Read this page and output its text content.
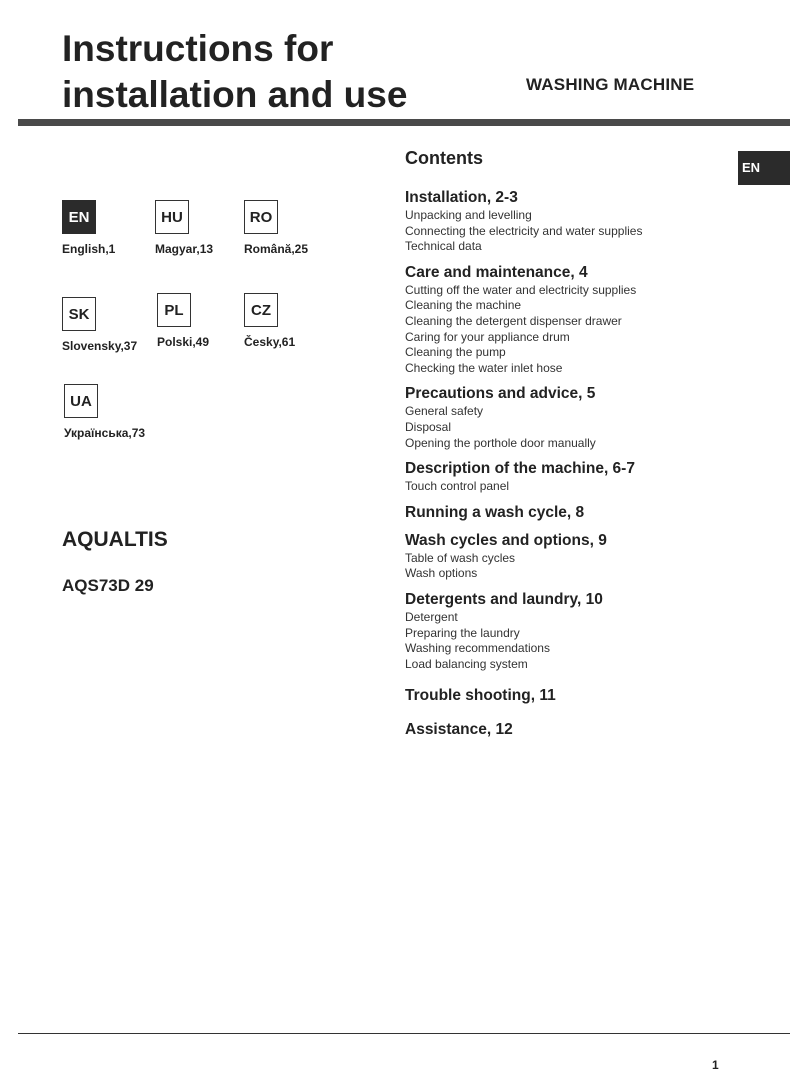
Instructions for
installation and use	WASHING MACHINE
EN
EN
English,1
HU
Magyar,13
RO
Română,25
SK
Slovensky,37
PL
Polski,49
CZ
Česky,61
UA
Українська,73
AQUALTIS
AQS73D 29
Contents
Installation, 2-3
Unpacking and levelling
Connecting the electricity and water supplies
Technical data
Care and maintenance, 4
Cutting off the water and electricity supplies
Cleaning the machine
Cleaning the detergent dispenser drawer
Caring for your appliance drum
Cleaning the pump
Checking the water inlet hose
Precautions and advice, 5
General safety
Disposal
Opening the porthole door manually
Description of the machine, 6-7
Touch control panel
Running a wash cycle, 8
Wash cycles and options, 9
Table of wash cycles
Wash options
Detergents and laundry, 10
Detergent
Preparing the laundry
Washing recommendations
Load balancing system
Trouble shooting, 11
Assistance, 12
1
